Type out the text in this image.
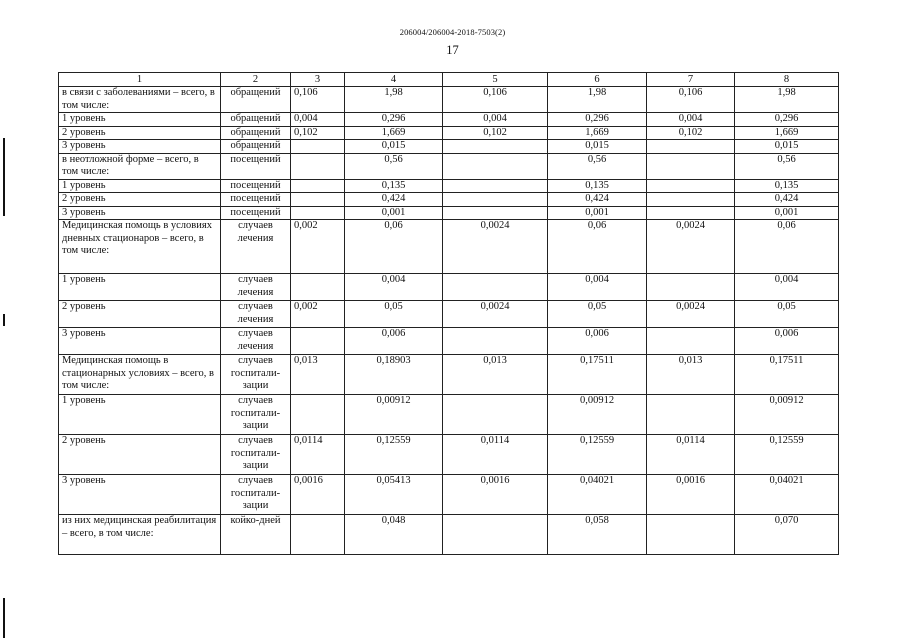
206004/206004-2018-7503(2)
17
1	2	3	4	5	6	7	8
в связи с заболеваниями – всего, в том числе:	обращений	0,106	1,98	0,106	1,98	0,106	1,98
1 уровень	обращений	0,004	0,296	0,004	0,296	0,004	0,296
2 уровень	обращений	0,102	1,669	0,102	1,669	0,102	1,669
3 уровень	обращений		0,015		0,015		0,015
в неотложной форме – всего, в том числе:	посещений		0,56		0,56		0,56
1 уровень	посещений		0,135		0,135		0,135
2 уровень	посещений		0,424		0,424		0,424
3 уровень	посещений		0,001		0,001		0,001
Медицинская помощь в условиях дневных стационаров – всего, в том числе:	случаев лечения	0,002	0,06	0,0024	0,06	0,0024	0,06
1 уровень	случаев лечения		0,004		0,004		0,004
2 уровень	случаев лечения	0,002	0,05	0,0024	0,05	0,0024	0,05
3 уровень	случаев лечения		0,006		0,006		0,006
Медицинская помощь в стационарных условиях – всего, в том числе:	случаев госпитали-зации	0,013	0,18903	0,013	0,17511	0,013	0,17511
1 уровень	случаев госпитали-зации		0,00912		0,00912		0,00912
2 уровень	случаев госпитали-зации	0,0114	0,12559	0,0114	0,12559	0,0114	0,12559
3 уровень	случаев госпитали-зации	0,0016	0,05413	0,0016	0,04021	0,0016	0,04021
из них медицинская реабилитация – всего, в том числе:	койко-дней		0,048		0,058		0,070
